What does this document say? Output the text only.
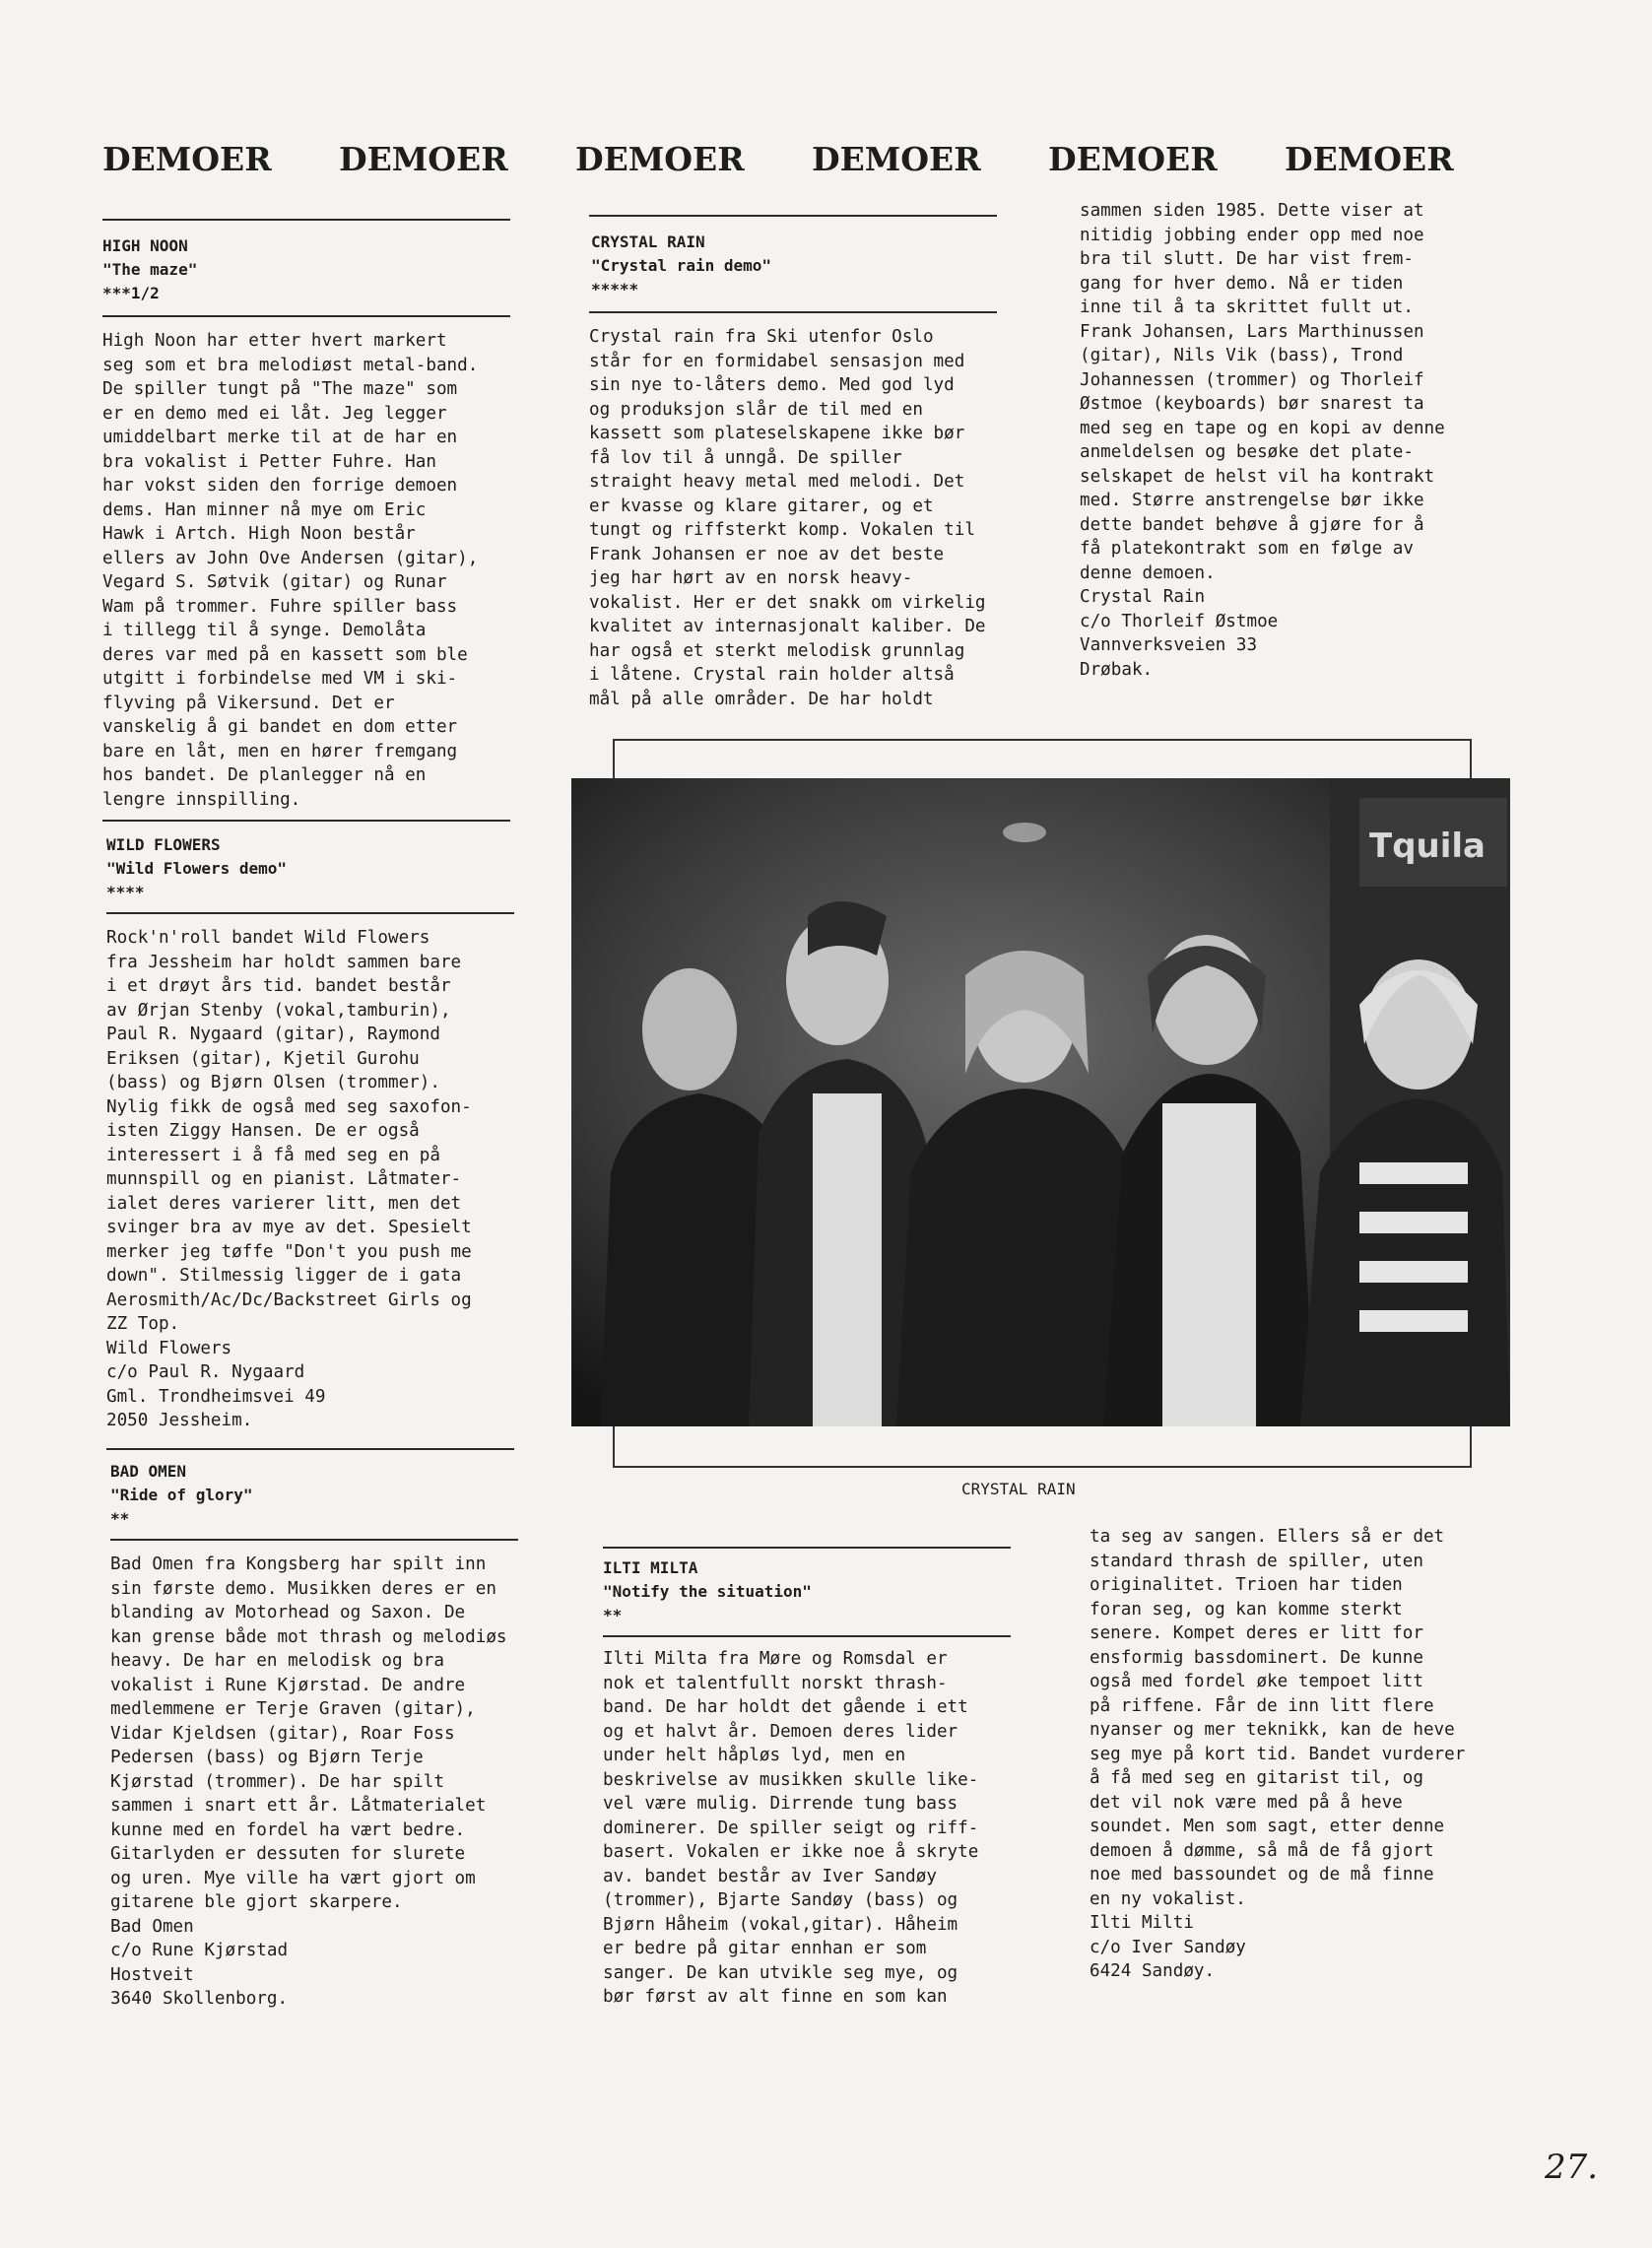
DEMOER DEMOER DEMOER DEMOER DEMOER DEMOER
HIGH NOON
"The maze"
***1/2
High Noon har etter hvert markert
seg som et bra melodiøst metal-band.
De spiller tungt på "The maze" som
er en demo med ei låt. Jeg legger
umiddelbart merke til at de har en
bra vokalist i Petter Fuhre. Han
har vokst siden den forrige demoen
dems. Han minner nå mye om Eric
Hawk i Artch. High Noon består
ellers av John Ove Andersen (gitar),
Vegard S. Søtvik (gitar) og Runar
Wam på trommer. Fuhre spiller bass
i tillegg til å synge. Demolåta
deres var med på en kassett som ble
utgitt i forbindelse med VM i ski-
flyving på Vikersund. Det er
vanskelig å gi bandet en dom etter
bare en låt, men en hører fremgang
hos bandet. De planlegger nå en
lengre innspilling.
WILD FLOWERS
"Wild Flowers demo"
****
Rock'n'roll bandet Wild Flowers
fra Jessheim har holdt sammen bare
i et drøyt års tid. bandet består
av Ørjan Stenby (vokal,tamburin),
Paul R. Nygaard (gitar), Raymond
Eriksen (gitar), Kjetil Gurohu
(bass) og Bjørn Olsen (trommer).
Nylig fikk de også med seg saxofon-
isten Ziggy Hansen. De er også
interessert i å få med seg en på
munnspill og en pianist. Låtmater-
ialet deres varierer litt, men det
svinger bra av mye av det. Spesielt
merker jeg tøffe "Don't you push me
down". Stilmessig ligger de i gata
Aerosmith/Ac/Dc/Backstreet Girls og
ZZ Top.
Wild Flowers
c/o Paul R. Nygaard
Gml. Trondheimsvei 49
2050 Jessheim.
BAD OMEN
"Ride of glory"
**
Bad Omen fra Kongsberg har spilt inn
sin første demo. Musikken deres er en
blanding av Motorhead og Saxon. De
kan grense både mot thrash og melodiøs
heavy. De har en melodisk og bra
vokalist i Rune Kjørstad. De andre
medlemmene er Terje Graven (gitar),
Vidar Kjeldsen (gitar), Roar Foss
Pedersen (bass) og Bjørn Terje
Kjørstad (trommer). De har spilt
sammen i snart ett år. Låtmaterialet
kunne med en fordel ha vært bedre.
Gitarlyden er dessuten for slurete
og uren. Mye ville ha vært gjort om
gitarene ble gjort skarpere.
Bad Omen
c/o Rune Kjørstad
Hostveit
3640 Skollenborg.
CRYSTAL RAIN
"Crystal rain demo"
*****
Crystal rain fra Ski utenfor Oslo
står for en formidabel sensasjon med
sin nye to-låters demo. Med god lyd
og produksjon slår de til med en
kassett som plateselskapene ikke bør
få lov til å unngå. De spiller
straight heavy metal med melodi. Det
er kvasse og klare gitarer, og et
tungt og riffsterkt komp. Vokalen til
Frank Johansen er noe av det beste
jeg har hørt av en norsk heavy-
vokalist. Her er det snakk om virkelig
kvalitet av internasjonalt kaliber. De
har også et sterkt melodisk grunnlag
i låtene. Crystal rain holder altså
mål på alle områder. De har holdt
sammen siden 1985. Dette viser at
nitidig jobbing ender opp med noe
bra til slutt. De har vist frem-
gang for hver demo. Nå er tiden
inne til å ta skrittet fullt ut.
Frank Johansen, Lars Marthinussen
(gitar), Nils Vik (bass), Trond
Johannessen (trommer) og Thorleif
Østmoe (keyboards) bør snarest ta
med seg en tape og en kopi av denne
anmeldelsen og besøke det plate-
selskapet de helst vil ha kontrakt
med. Større anstrengelse bør ikke
dette bandet behøve å gjøre for å
få platekontrakt som en følge av
denne demoen.
Crystal Rain
c/o Thorleif Østmoe
Vannverksveien 33
Drøbak.
Tquila
CRYSTAL RAIN
ILTI MILTA
"Notify the situation"
**
Ilti Milta fra Møre og Romsdal er
nok et talentfullt norskt thrash-
band. De har holdt det gående i ett
og et halvt år. Demoen deres lider
under helt håpløs lyd, men en
beskrivelse av musikken skulle like-
vel være mulig. Dirrende tung bass
dominerer. De spiller seigt og riff-
basert. Vokalen er ikke noe å skryte
av. bandet består av Iver Sandøy
(trommer), Bjarte Sandøy (bass) og
Bjørn Håheim (vokal,gitar). Håheim
er bedre på gitar ennhan er som
sanger. De kan utvikle seg mye, og
bør først av alt finne en som kan
ta seg av sangen. Ellers så er det
standard thrash de spiller, uten
originalitet. Trioen har tiden
foran seg, og kan komme sterkt
senere. Kompet deres er litt for
ensformig bassdominert. De kunne
også med fordel øke tempoet litt
på riffene. Får de inn litt flere
nyanser og mer teknikk, kan de heve
seg mye på kort tid. Bandet vurderer
å få med seg en gitarist til, og
det vil nok være med på å heve
soundet. Men som sagt, etter denne
demoen å dømme, så må de få gjort
noe med bassoundet og de må finne
en ny vokalist.
Ilti Milti
c/o Iver Sandøy
6424 Sandøy.
27.
